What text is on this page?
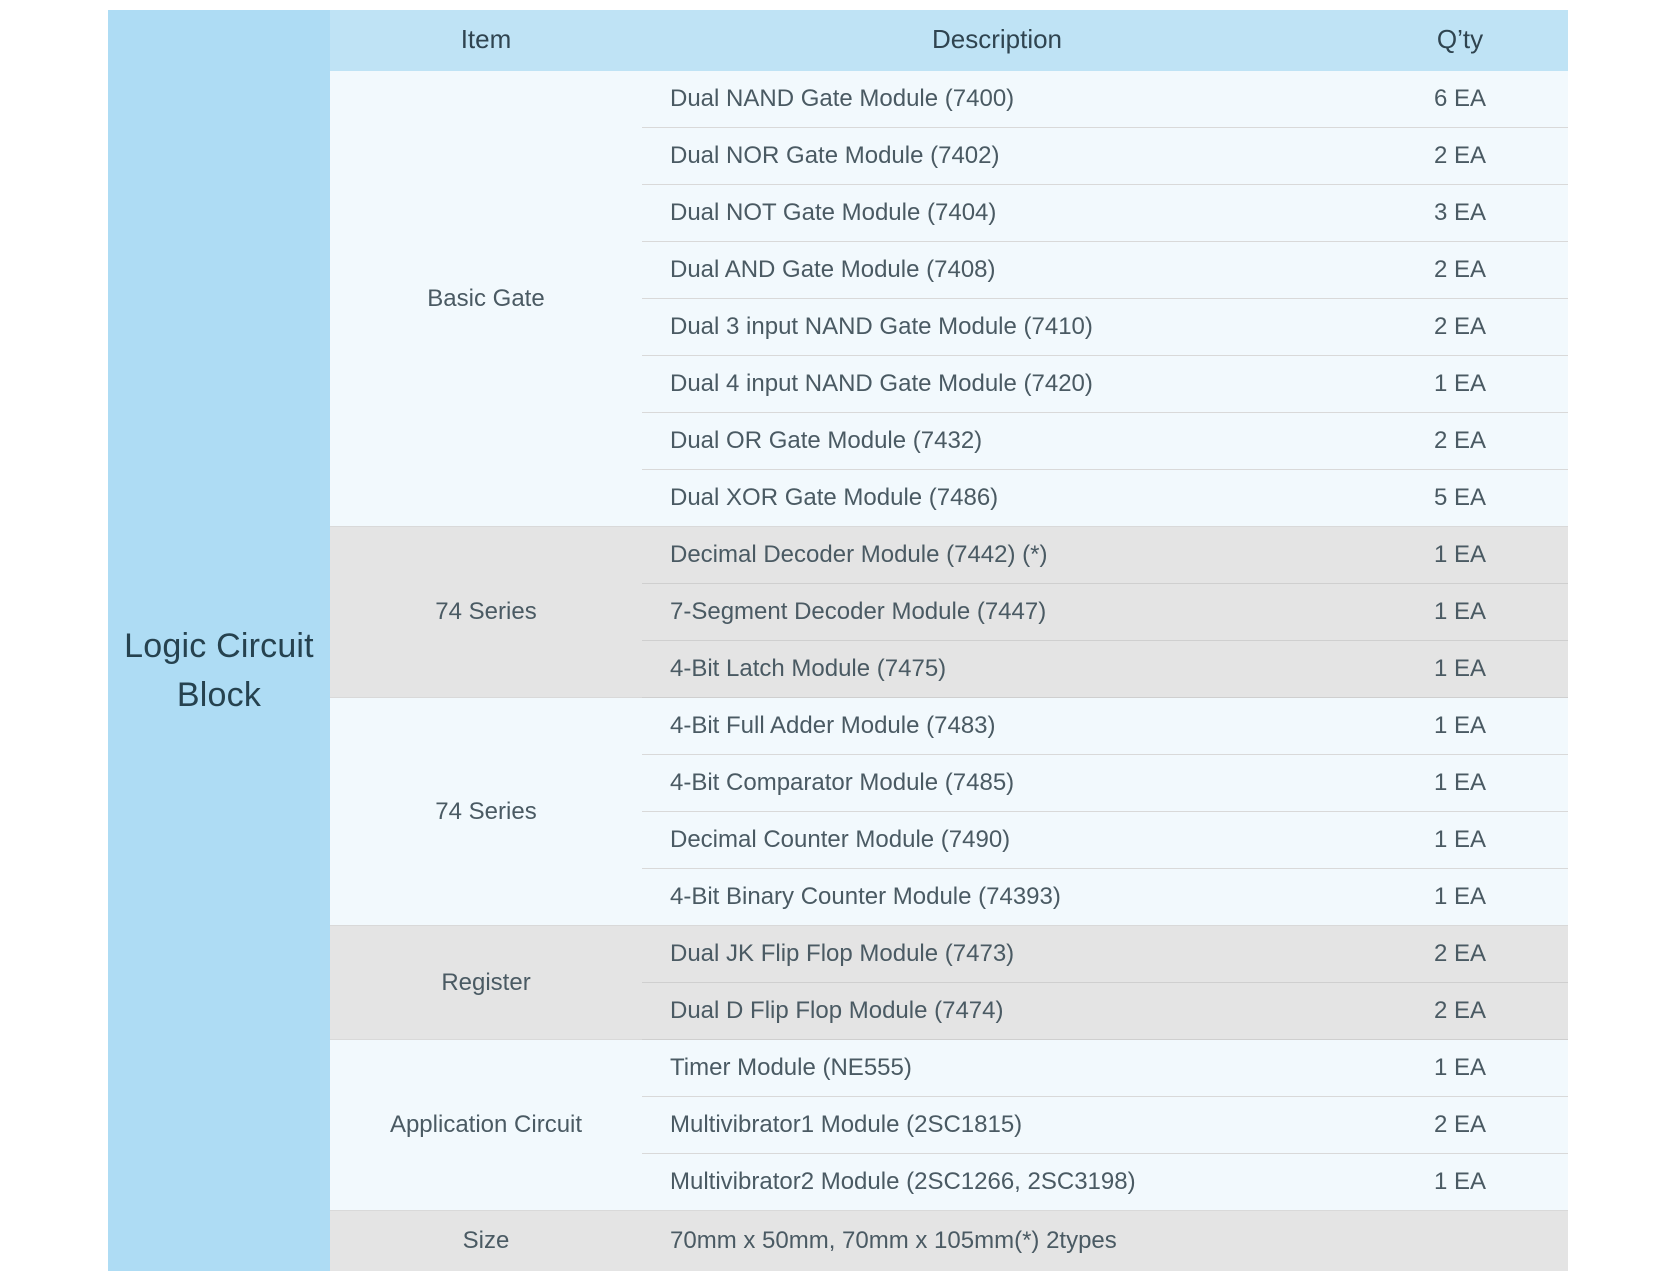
	Item	Description	Q’ty

Logic Circuit
Block	Basic Gate	Dual NAND Gate Module (7400)	6 EA
		Dual NOR Gate Module (7402)	2 EA
		Dual NOT Gate Module (7404)	3 EA
		Dual AND Gate Module (7408)	2 EA
		Dual 3 input NAND Gate Module (7410)	2 EA
		Dual 4 input NAND Gate Module (7420)	1 EA
		Dual OR Gate Module (7432)	2 EA
		Dual XOR Gate Module (7486)	5 EA
	74 Series	Decimal Decoder Module (7442) (*)	1 EA
		7-Segment Decoder Module (7447)	1 EA
		4-Bit Latch Module (7475)	1 EA
	74 Series	4-Bit Full Adder Module (7483)	1 EA
		4-Bit Comparator Module (7485)	1 EA
		Decimal Counter Module (7490)	1 EA
		4-Bit Binary Counter Module (74393)	1 EA
	Register	Dual JK Flip Flop Module (7473)	2 EA
		Dual D Flip Flop Module (7474)	2 EA
	Application Circuit	Timer Module (NE555)	1 EA
		Multivibrator1 Module (2SC1815)	2 EA
		Multivibrator2 Module (2SC1266, 2SC3198)	1 EA
	Size	70mm x 50mm, 70mm x 105mm(*) 2types	
